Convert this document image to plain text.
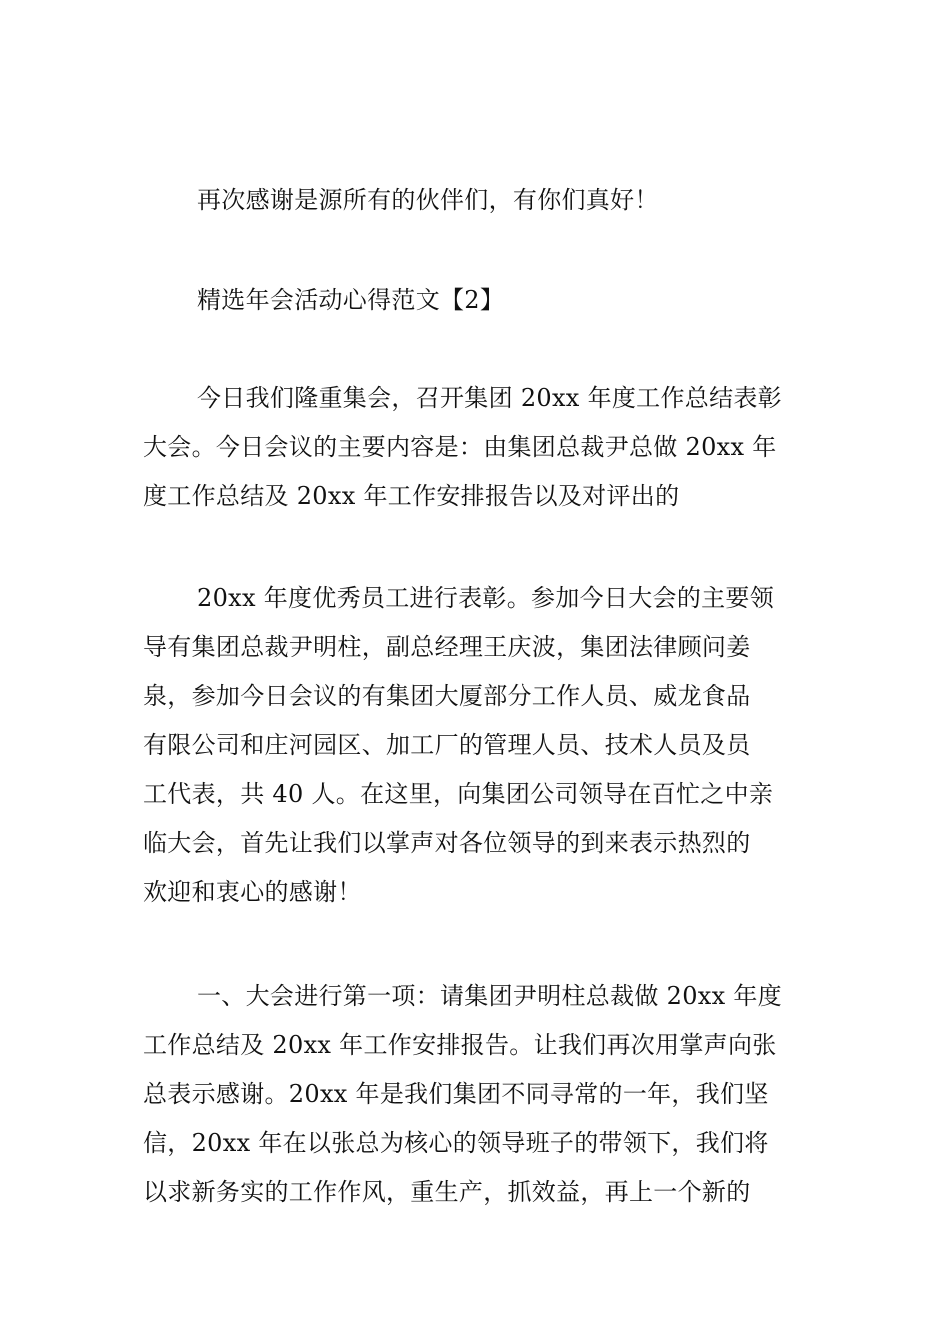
再次感谢是源所有的伙伴们，有你们真好！

精选年会活动心得范文【2】

今日我们隆重集会，召开集团 20xx 年度工作总结表彰
大会。今日会议的主要内容是：由集团总裁尹总做 20xx 年
度工作总结及 20xx 年工作安排报告以及对评出的

20xx 年度优秀员工进行表彰。参加今日大会的主要领
导有集团总裁尹明柱，副总经理王庆波，集团法律顾问姜
泉，参加今日会议的有集团大厦部分工作人员、威龙食品
有限公司和庄河园区、加工厂的管理人员、技术人员及员
工代表，共 40 人。在这里，向集团公司领导在百忙之中亲
临大会，首先让我们以掌声对各位领导的到来表示热烈的
欢迎和衷心的感谢！

一、大会进行第一项：请集团尹明柱总裁做 20xx 年度
工作总结及 20xx 年工作安排报告。让我们再次用掌声向张
总表示感谢。20xx 年是我们集团不同寻常的一年，我们坚
信，20xx 年在以张总为核心的领导班子的带领下，我们将
以求新务实的工作作风，重生产，抓效益，再上一个新的
